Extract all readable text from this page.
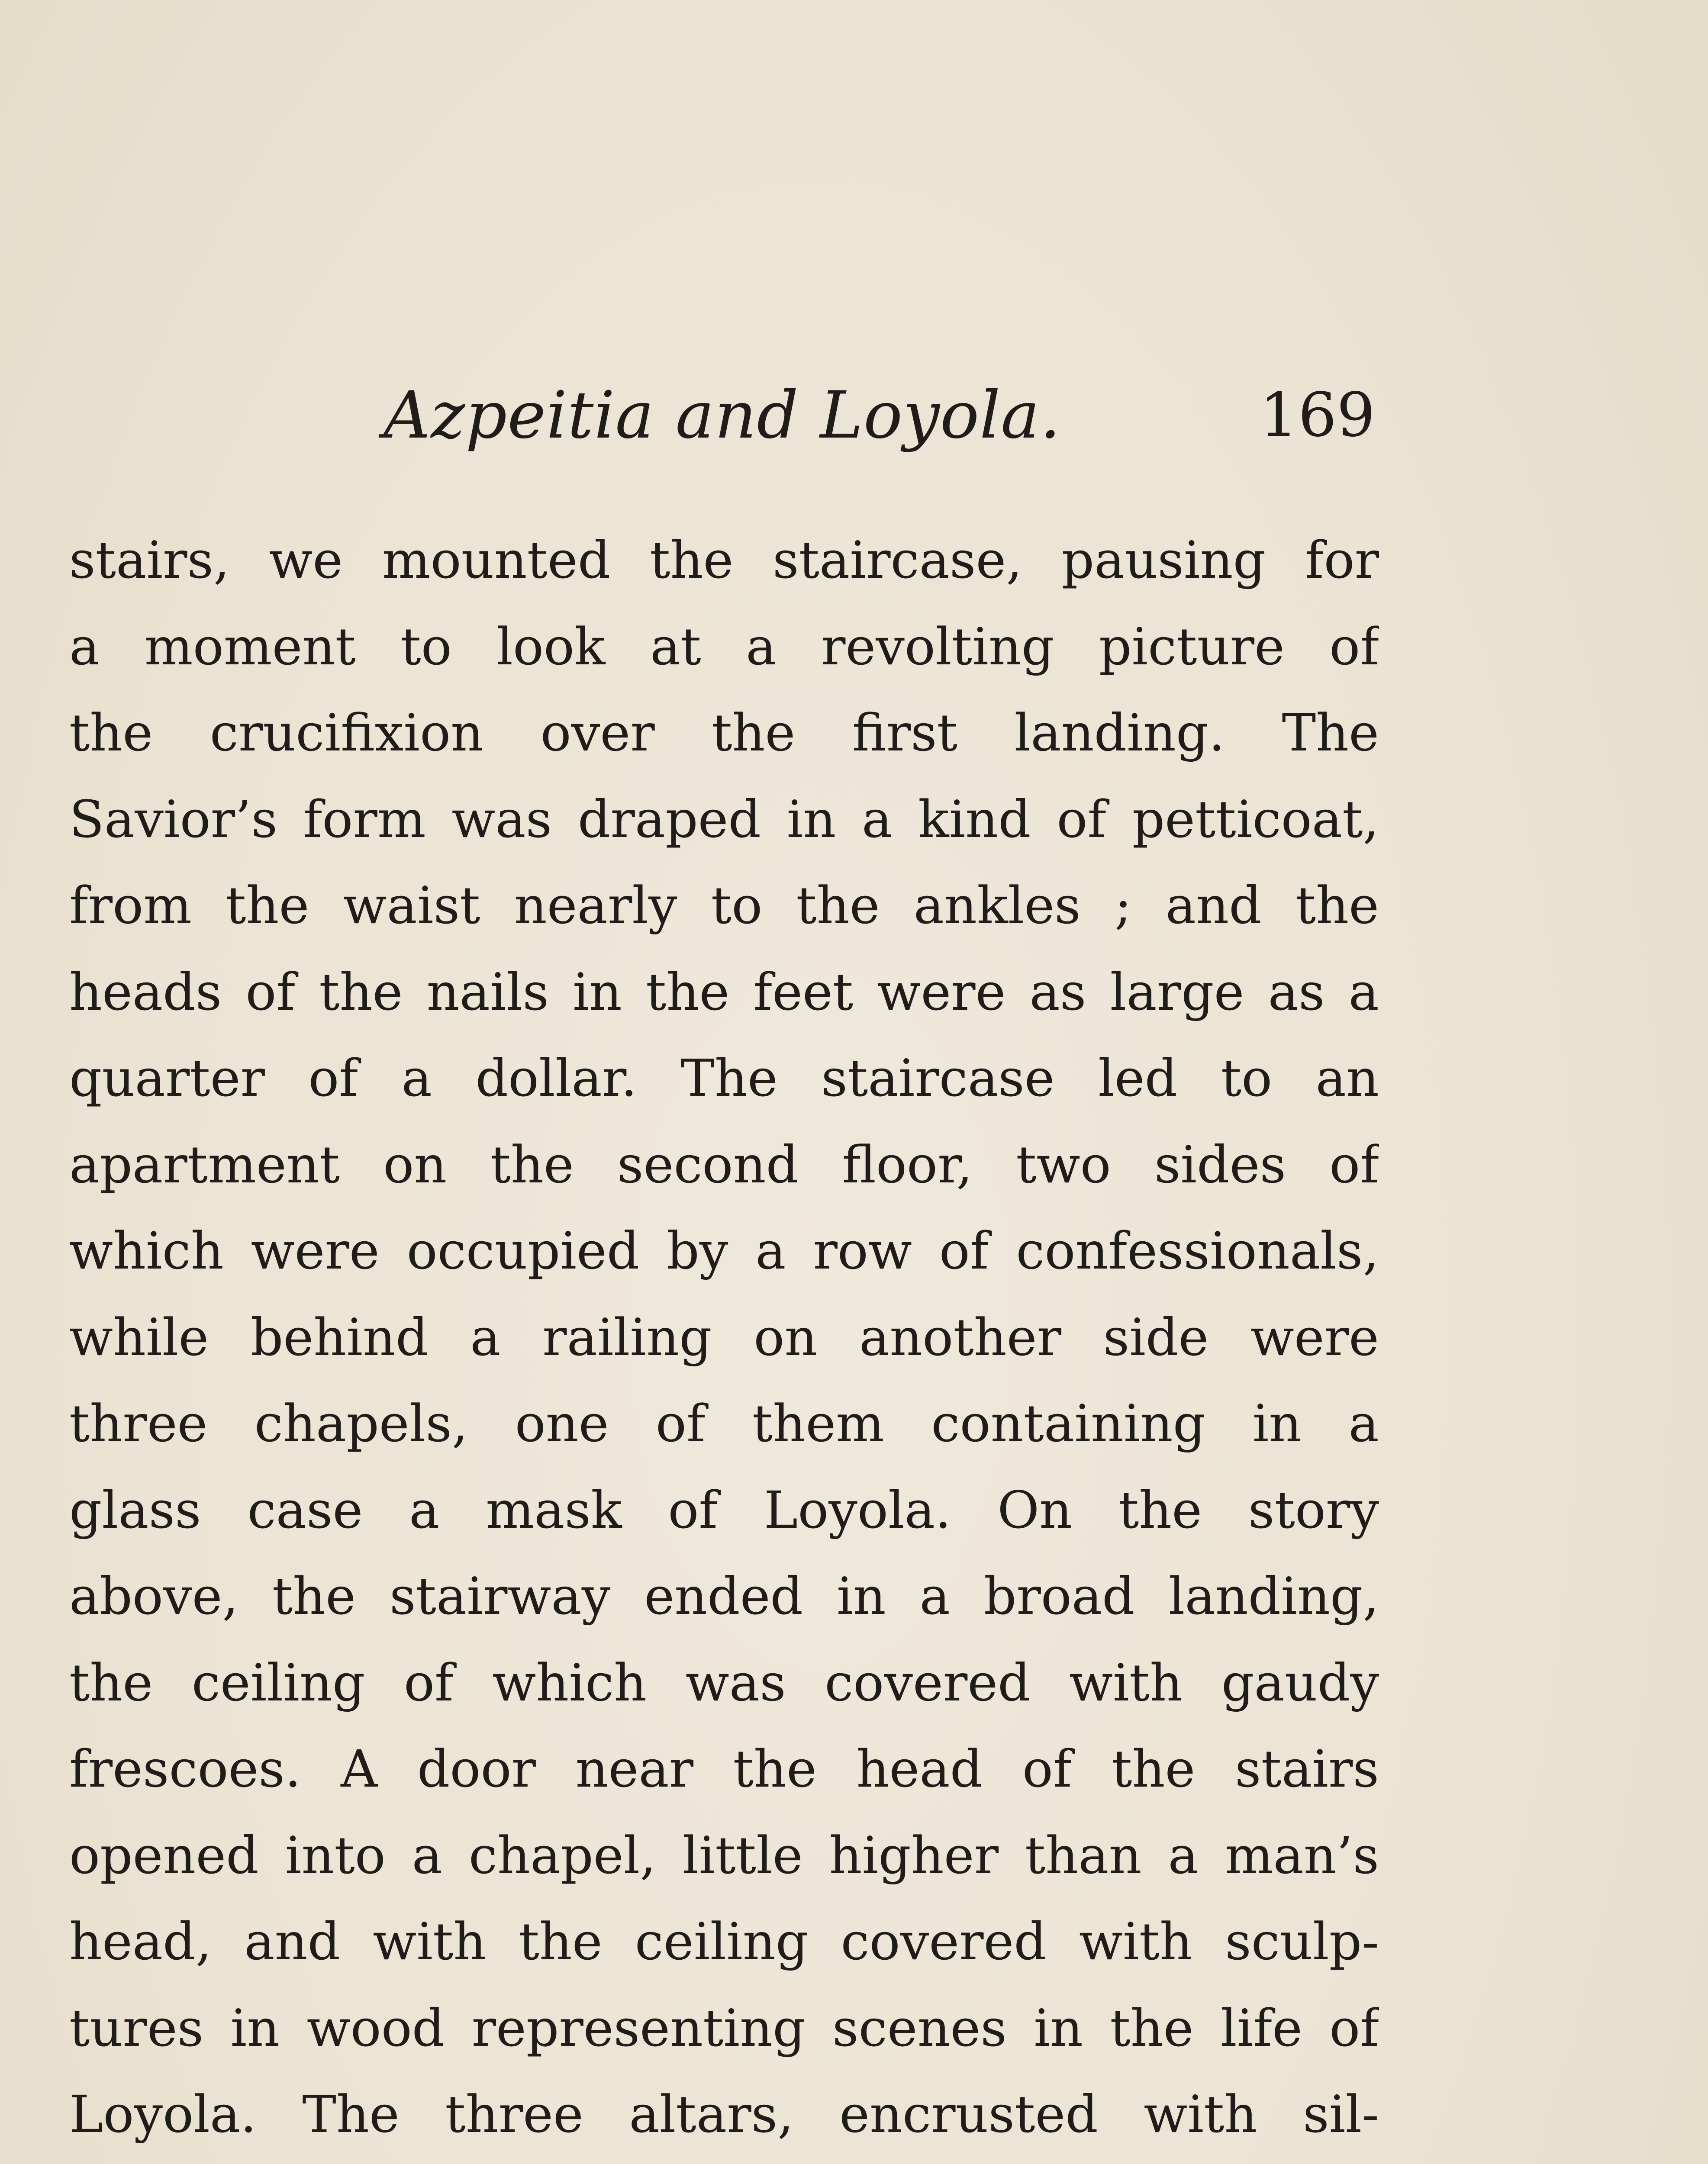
Azpeitia and Loyola.	169
stairs, we mounted the staircase, pausing for
a moment to look at a revolting picture of
the crucifixion over the first landing. The
Savior’s form was draped in a kind of petticoat,
from the waist nearly to the ankles ; and the
heads of the nails in the feet were as large as a
quarter of a dollar. The staircase led to an
apartment on the second floor, two sides of
which were occupied by a row of confessionals,
while behind a railing on another side were
three chapels, one of them containing in a
glass case a mask of Loyola. On the story
above, the stairway ended in a broad landing,
the ceiling of which was covered with gaudy
frescoes. A door near the head of the stairs
opened into a chapel, little higher than a man’s
head, and with the ceiling covered with sculp-
tures in wood representing scenes in the life of
Loyola. The three altars, encrusted with sil-
